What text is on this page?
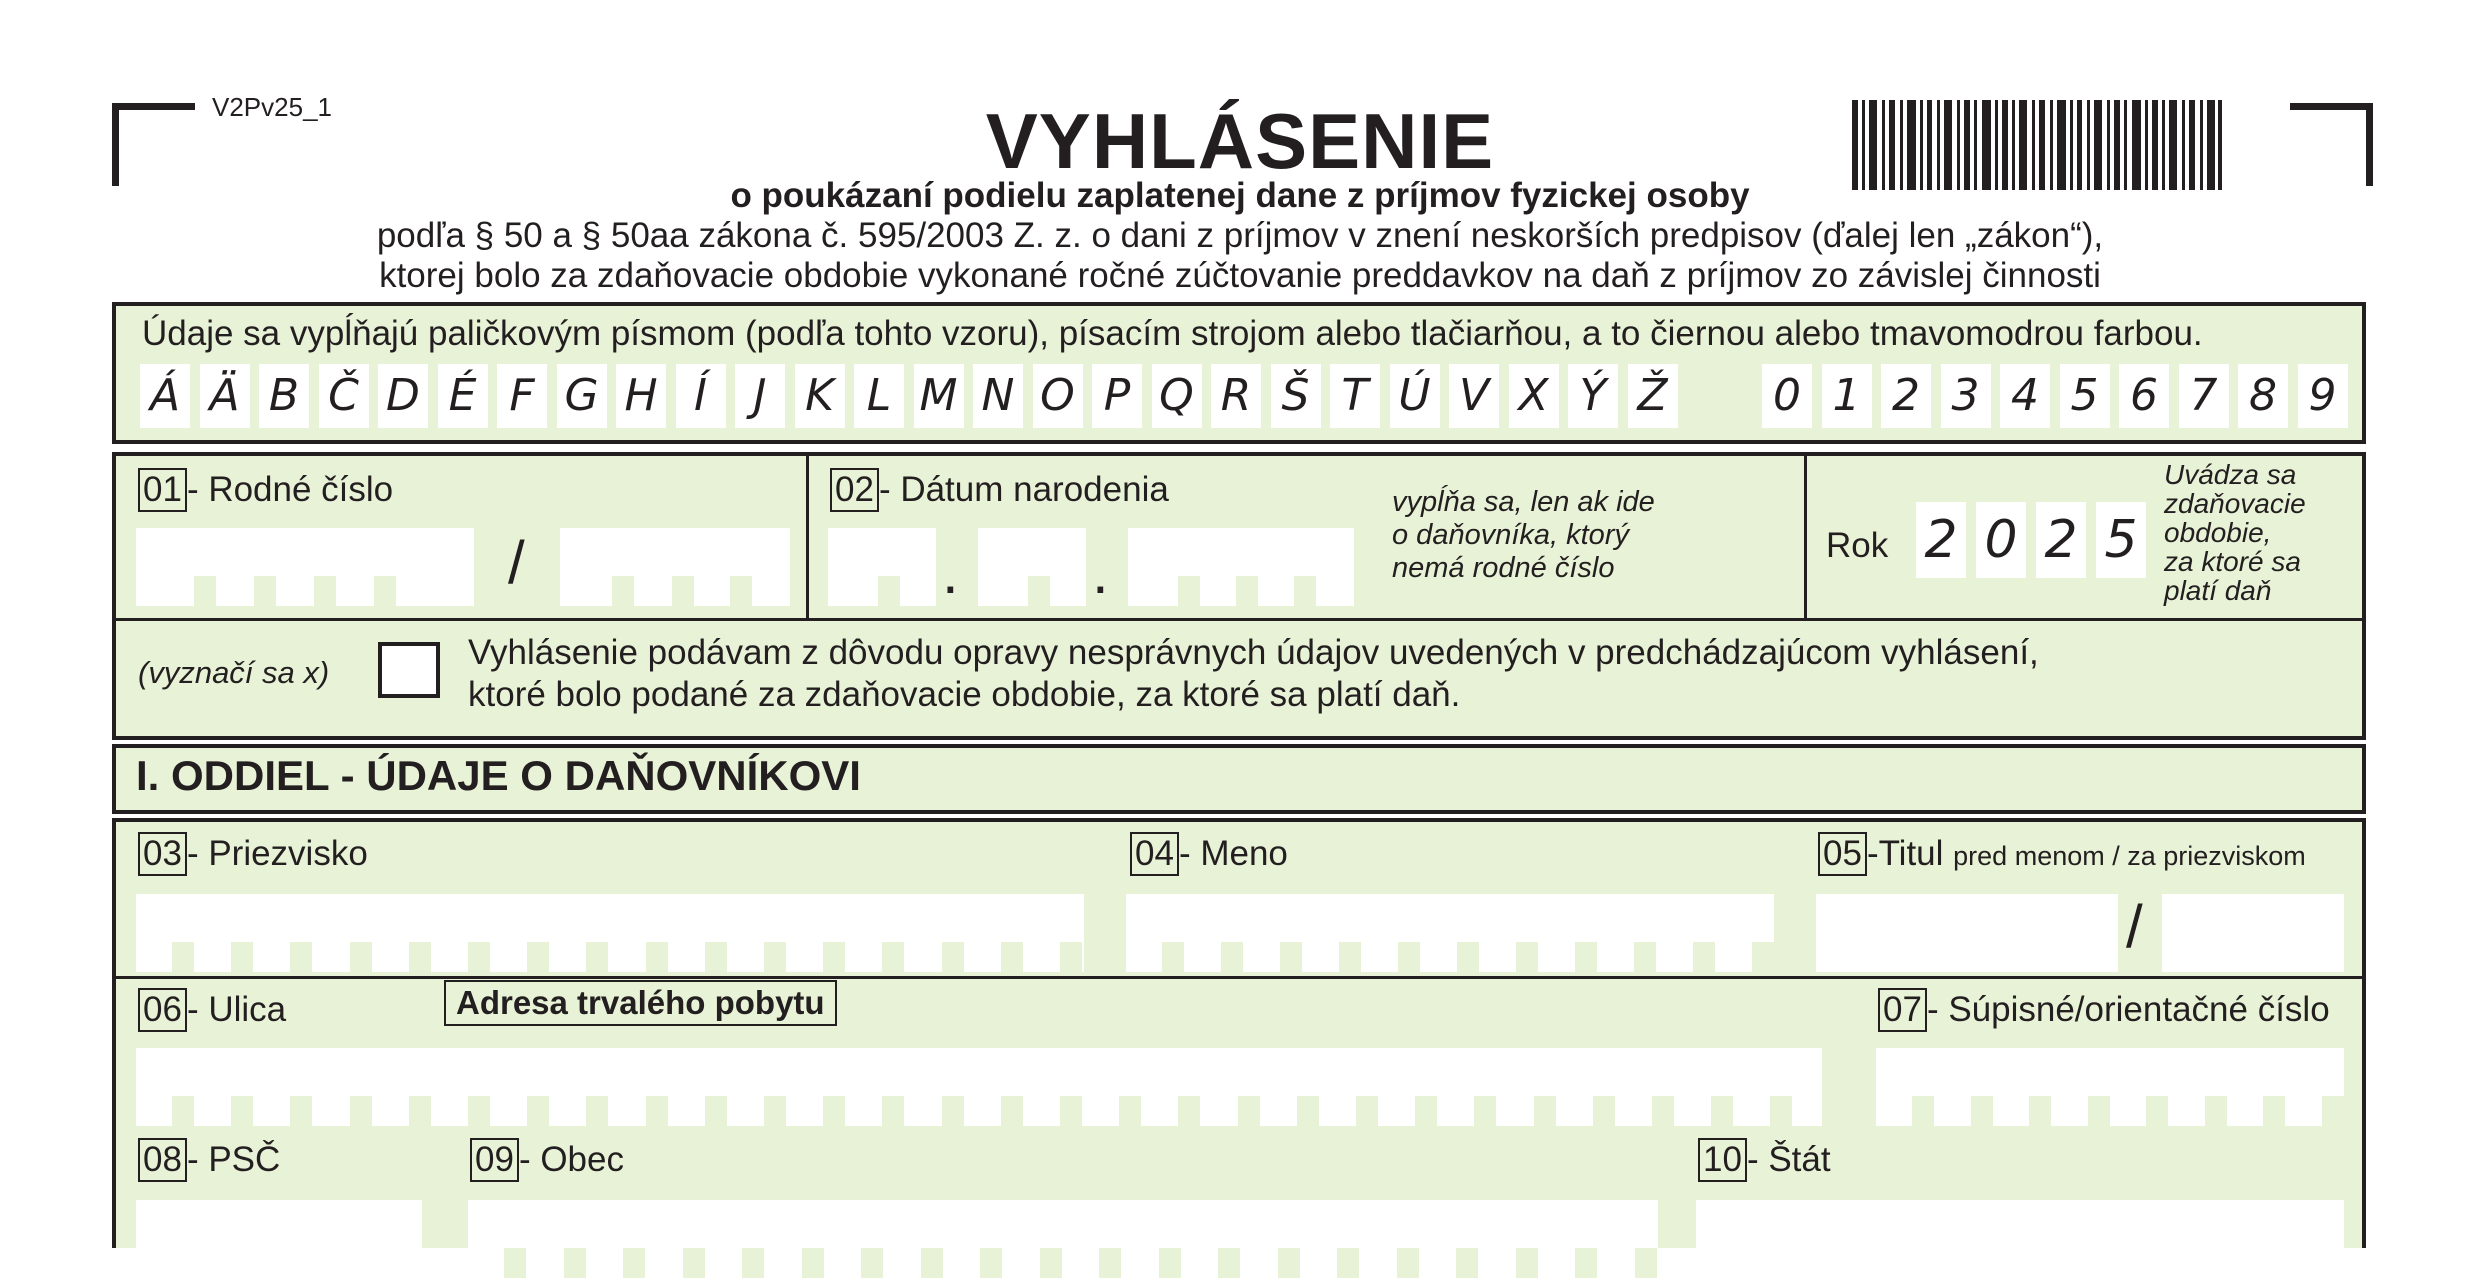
V2Pv25_1	VYHLÁSENIE
o poukázaní podielu zaplatenej dane z príjmov fyzickej osoby
podľa § 50 a § 50aa zákona č. 595/2003 Z. z. o dani z príjmov v znení neskorších predpisov (ďalej len „zákon“),
ktorej bolo za zdaňovacie obdobie vykonané ročné zúčtovanie preddavkov na daň z príjmov zo závislej činnosti
Údaje sa vypĺňajú paličkovým písmom (podľa tohto vzoru), písacím strojom alebo tlačiarňou, a to čiernou alebo tmavomodrou farbou.
Á Ä B Č D É F G H Í	J K L M N O P Q R Š T Ú V X Ý Ž 0 1 2 3 4 5 6 7 8 9
01 - Rodné číslo
/
02 - Dátum narodenia
. .
vypĺňa sa, len ak ide
o daňovníka, ktorý
nemá rodné číslo
Rok 2 0 2 5
Uvádza sa
zdaňovacie
obdobie,
za ktoré sa
platí daň
(vyznačí sa x)
Vyhlásenie podávam z dôvodu opravy nesprávnych údajov uvedených v predchádzajúcom vyhlásení,
ktoré bolo podané za zdaňovacie obdobie, za ktoré sa platí daň.
I. ODDIEL - ÚDAJE O DAŇOVNÍKOVI
03 - Priezvisko	04 - Meno	05 -Titul pred menom / za priezviskom
/
06 - Ulica	Adresa trvalého pobytu	07 - Súpisné/orientačné číslo
08 - PSČ	09 - Obec	10 - Štát
